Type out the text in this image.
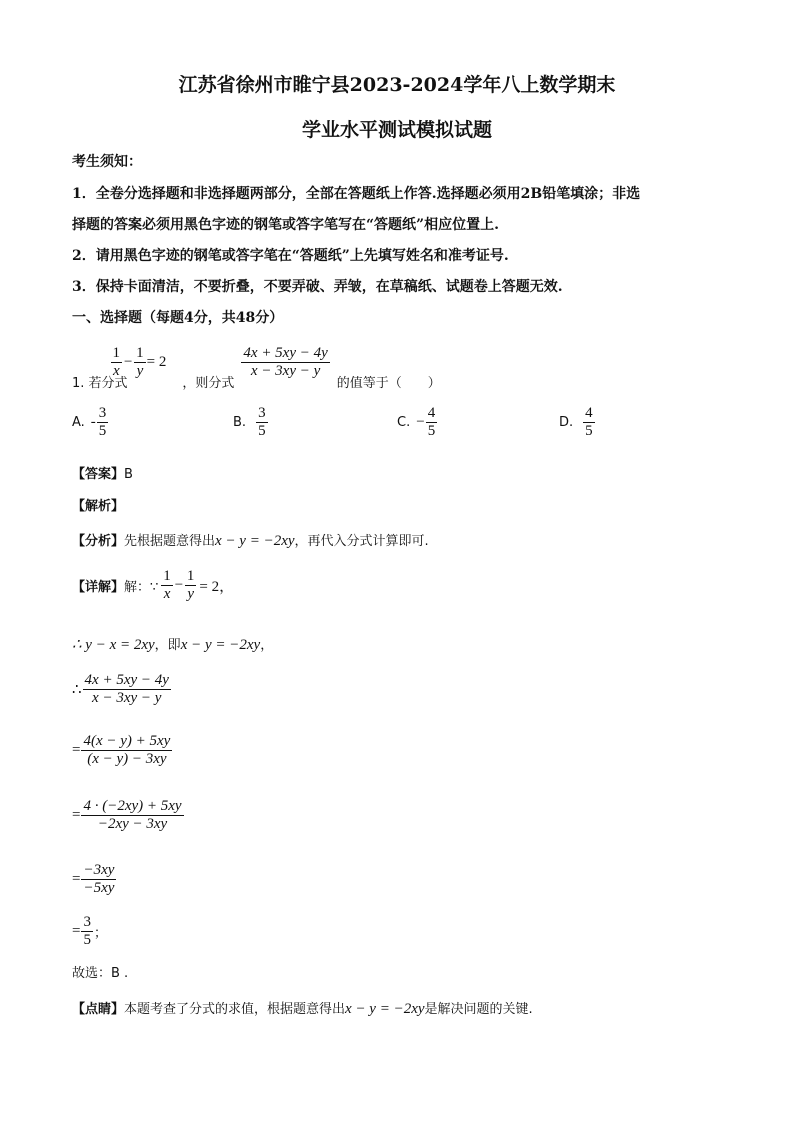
江苏省徐州市睢宁县2023-2024学年八上数学期末
学业水平测试模拟试题
考生须知：
1．全卷分选择题和非选择题两部分，全部在答题纸上作答.选择题必须用2B铅笔填涂；非选
择题的答案必须用黑色字迹的钢笔或答字笔写在“答题纸”相应位置上.
2．请用黑色字迹的钢笔或答字笔在“答题纸”上先填写姓名和准考证号.
3．保持卡面清洁，不要折叠，不要弄破、弄皱，在草稿纸、试题卷上答题无效.
一、选择题（每题4分，共48分）
1. 若分式
$\frac{1}{x} - \frac{1}{y} = 2$
，则分式
$\frac{4x + 5xy - 4y}{x - 3xy - y}$
的值等于（　　）
A. - $\frac{3}{5}$	B. $\frac{3}{5}$	C. − $\frac{4}{5}$	D. $\frac{4}{5}$
【答案】B
【解析】
【分析】先根据题意得出x − y = −2xy，再代入分式计算即可.
【详解】 解：∵ $\frac{1}{x} - \frac{1}{y} = 2$，
∴ y − x = 2xy，即x − y = −2xy，
∴ $\frac{4x + 5xy - 4y}{x - 3xy - y}$
= $\frac{4(x - y) + 5xy}{(x - y) - 3xy}$
= $\frac{4 \cdot (-2xy) + 5xy}{-2xy - 3xy}$
= $\frac{-3xy}{-5xy}$
= $\frac{3}{5}$ ；
故选：B .
【点睛】本题考查了分式的求值，根据题意得出x − y = −2xy是解决问题的关键.
